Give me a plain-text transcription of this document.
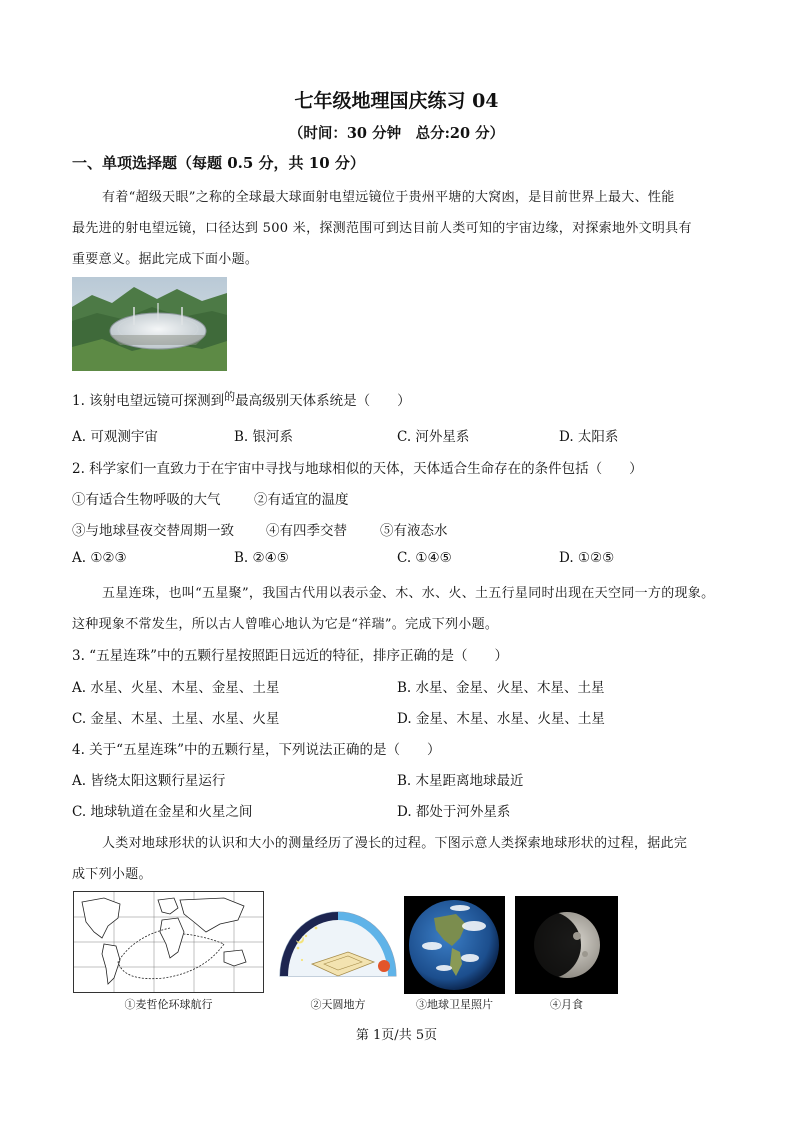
七年级地理国庆练习 04
（时间：30 分钟　总分:20 分）
一、单项选择题（每题 0.5 分，共 10 分）
有着“超级天眼”之称的全球最大球面射电望远镜位于贵州平塘的大窝凼，是目前世界上最大、性能
最先进的射电望远镜，口径达到 500 米，探测范围可到达目前人类可知的宇宙边缘，对探索地外文明具有
重要意义。据此完成下面小题。
1. 该射电望远镜可探测到$^的$最高级别天体系统是（　　）
A. 可观测宇宙	B. 银河系	C. 河外星系	D. 太阳系
2. 科学家们一直致力于在宇宙中寻找与地球相似的天体，天体适合生命存在的条件包括（　　）
①有适合生物呼吸的大气 ②有适宜的温度
③与地球昼夜交替周期一致 ④有四季交替 ⑤有液态水
A. ①②③	B. ②④⑤	C. ①④⑤	D. ①②⑤
五星连珠，也叫“五星聚”，我国古代用以表示金、木、水、火、土五行星同时出现在天空同一方的现象。
这种现象不常发生，所以古人曾唯心地认为它是“祥瑞”。完成下列小题。
3. “五星连珠”中的五颗行星按照距日远近的特征，排序正确的是（　　）
A. 水星、火星、木星、金星、土星	B. 水星、金星、火星、木星、土星
C. 金星、木星、土星、水星、火星	D. 金星、木星、水星、火星、土星
4. 关于“五星连珠”中的五颗行星，下列说法正确的是（　　）
A. 皆绕太阳这颗行星运行	B. 木星距离地球最近
C. 地球轨道在金星和火星之间	D. 都处于河外星系
人类对地球形状的认识和大小的测量经历了漫长的过程。下图示意人类探索地球形状的过程，据此完
成下列小题。
①麦哲伦环球航行	②天圆地方	③地球卫星照片	④月食
第 1页/共 5页
